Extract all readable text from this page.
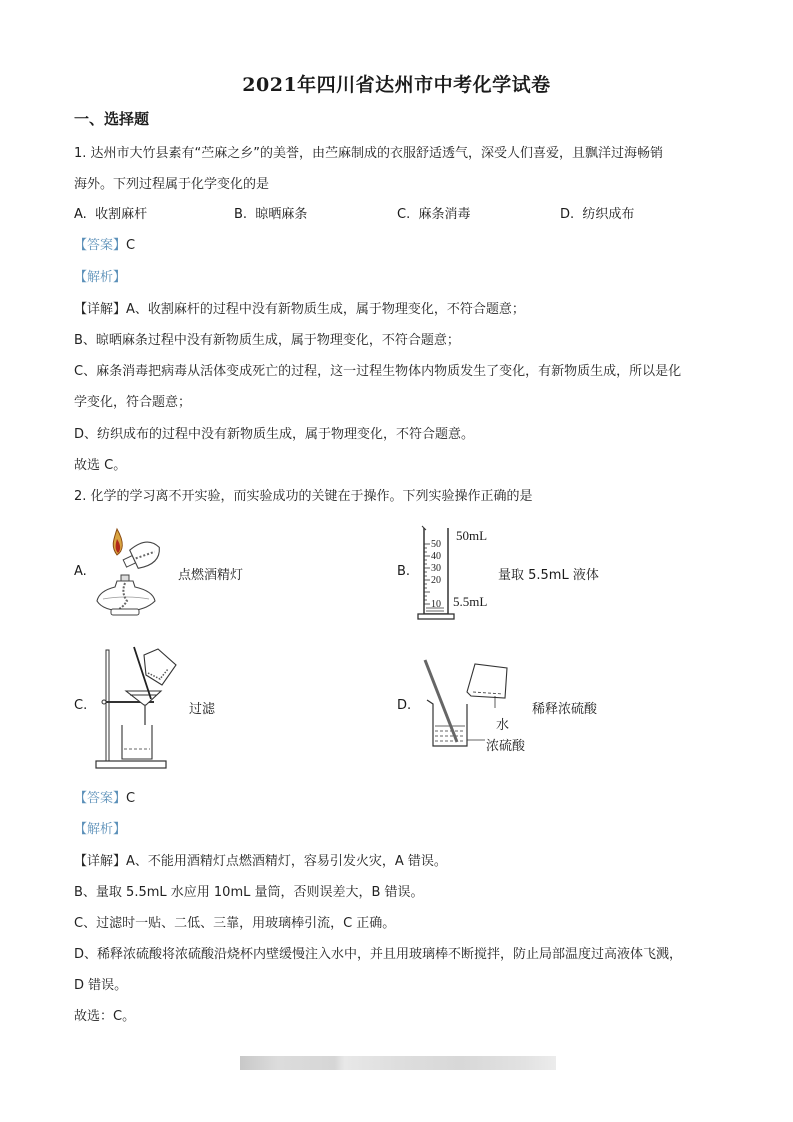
2021年四川省达州市中考化学试卷
一、选择题
1. 达州市大竹县素有“苎麻之乡”的美誉，由苎麻制成的衣服舒适透气，深受人们喜爱，且飘洋过海畅销
海外。下列过程属于化学变化的是
A. 收割麻杆	B. 晾晒麻条	C. 麻条消毒	D. 纺织成布
【答案】C
【解析】
【详解】A、收割麻杆的过程中没有新物质生成，属于物理变化，不符合题意；
B、晾晒麻条过程中没有新物质生成，属于物理变化，不符合题意；
C、麻条消毒把病毒从活体变成死亡的过程，这一过程生物体内物质发生了变化，有新物质生成，所以是化
学变化，符合题意；
D、纺织成布的过程中没有新物质生成，属于物理变化，不符合题意。
故选 C。
2. 化学的学习离不开实验，而实验成功的关键在于操作。下列实验操作正确的是
A.	点燃酒精灯	B.
50
40
30
20
10
50mL
5.5mL
量取 5.5mL 液体
C.	过滤	D.
水
浓硫酸
稀释浓硫酸
【答案】C
【解析】
【详解】A、不能用酒精灯点燃酒精灯，容易引发火灾，A 错误。
B、量取 5.5mL 水应用 10mL 量筒，否则误差大，B 错误。
C、过滤时一贴、二低、三靠，用玻璃棒引流，C 正确。
D、稀释浓硫酸将浓硫酸沿烧杯内壁缓慢注入水中，并且用玻璃棒不断搅拌，防止局部温度过高液体飞溅，
D 错误。
故选：C。
